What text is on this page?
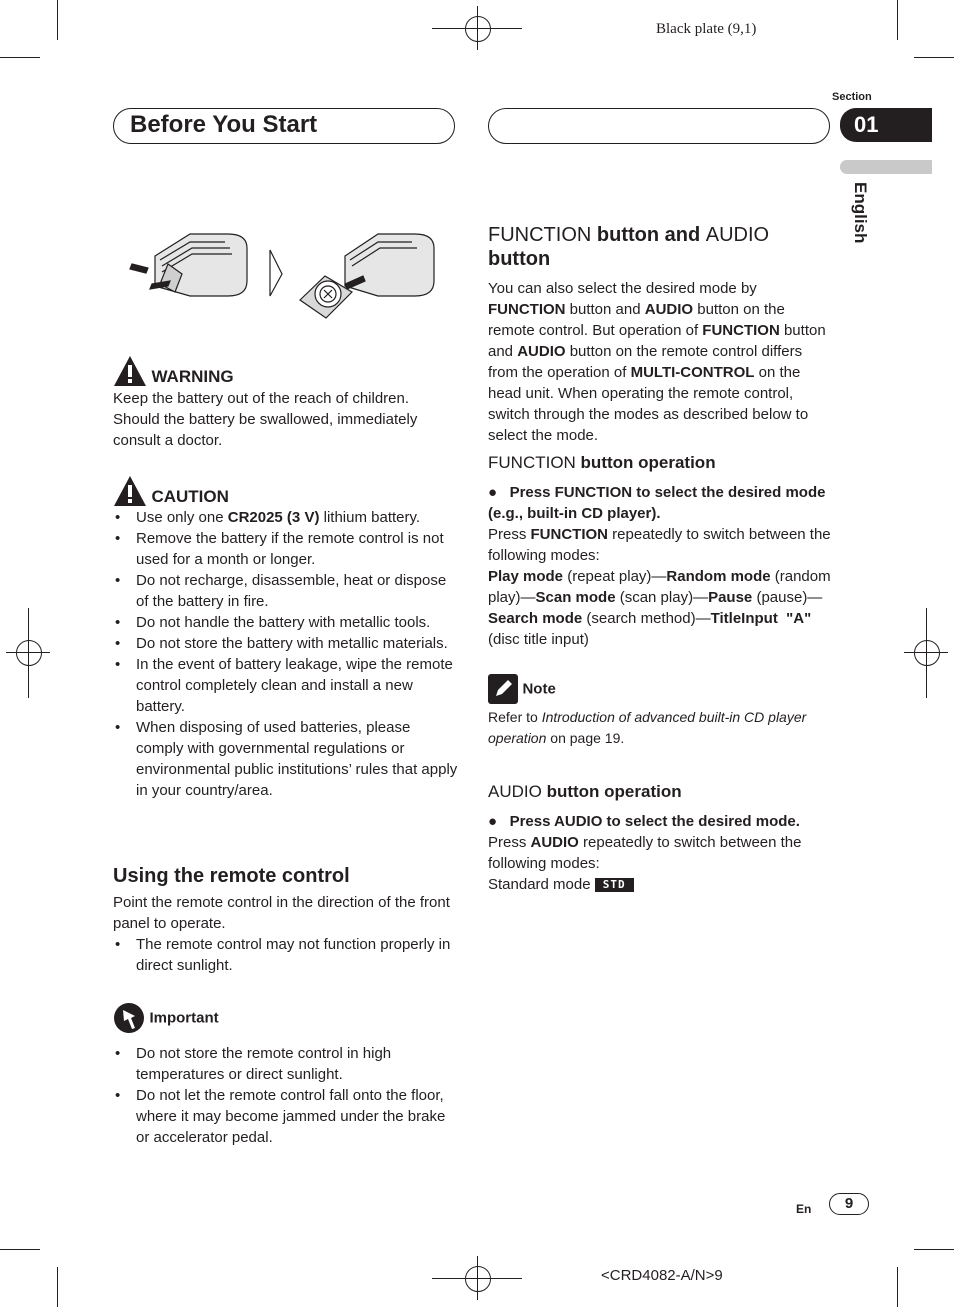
Black plate (9,1)
Before You Start
Section
01
English
WARNING
Keep the battery out of the reach of children. Should the battery be swallowed, immediately consult a doctor.
CAUTION
• Use only one CR2025 (3 V) lithium battery.
• Remove the battery if the remote control is not used for a month or longer.
• Do not recharge, disassemble, heat or dispose of the battery in fire.
• Do not handle the battery with metallic tools.
• Do not store the battery with metallic materials.
• In the event of battery leakage, wipe the remote control completely clean and install a new battery.
• When disposing of used batteries, please comply with governmental regulations or environmental public institutions’ rules that apply in your country/area.
Using the remote control
Point the remote control in the direction of the front panel to operate.
• The remote control may not function properly in direct sunlight.
Important
• Do not store the remote control in high temperatures or direct sunlight.
• Do not let the remote control fall onto the floor, where it may become jammed under the brake or accelerator pedal.
FUNCTION button and AUDIO button
You can also select the desired mode by FUNCTION button and AUDIO button on the remote control. But operation of FUNCTION button and AUDIO button on the remote control differs from the operation of MULTI-CONTROL on the head unit. When operating the remote control, switch through the modes as described below to select the mode.
FUNCTION button operation
●   Press FUNCTION to select the desired mode (e.g., built-in CD player).
Press FUNCTION repeatedly to switch between the following modes:
Play mode (repeat play)—Random mode (random play)—Scan mode (scan play)—Pause (pause)—Search mode (search method)—TitleInput  "A" (disc title input)
Note
Refer to Introduction of advanced built-in CD player operation on page 19.
AUDIO button operation
●   Press AUDIO to select the desired mode.
Press AUDIO repeatedly to switch between the following modes:
Standard mode STD
En	9
<CRD4082-A/N>9
